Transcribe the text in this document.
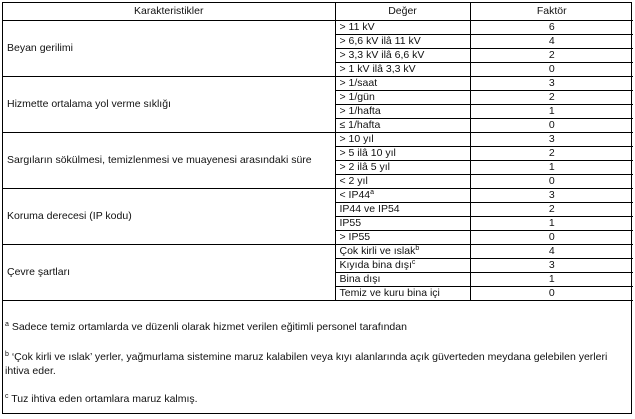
Karakteristikler	Değer	Faktör
Beyan gerilimi	> 11 kV	6
	> 6,6 kV ilâ 11 kV	4
	> 3,3 kV ilâ 6,6 kV	2
	> 1 kV ilâ 3,3 kV	0
Hizmette ortalama yol verme sıklığı	> 1/saat	3
	> 1/gün	2
	> 1/hafta	1
	≤ 1/hafta	0
Sargıların sökülmesi, temizlenmesi ve muayenesi arasındaki süre	> 10 yıl	3
	> 5 ilâ 10 yıl	2
	> 2 ilâ 5 yıl	1
	< 2 yıl	0
Koruma derecesi (IP kodu)	< $IP44^a$	3
	IP44 ve IP54	2
	IP55	1
	> IP55	0
Çevre şartları	Çok kirli ve ıslak$^b$	4
	Kıyıda bina dışı$^c$	3
	Bina dışı	1
	Temiz ve kuru bina içi	0
$^a$ Sadece temiz ortamlarda ve düzenli olarak hizmet verilen eğitimli personel tarafından
$^b$ ‘Çok kirli ve ıslak’ yerler, yağmurlama sistemine maruz kalabilen veya kıyı alanlarında açık güverteden meydana gelebilen yerleri ihtiva eder.
$^c$ Tuz ihtiva eden ortamlara maruz kalmış.
